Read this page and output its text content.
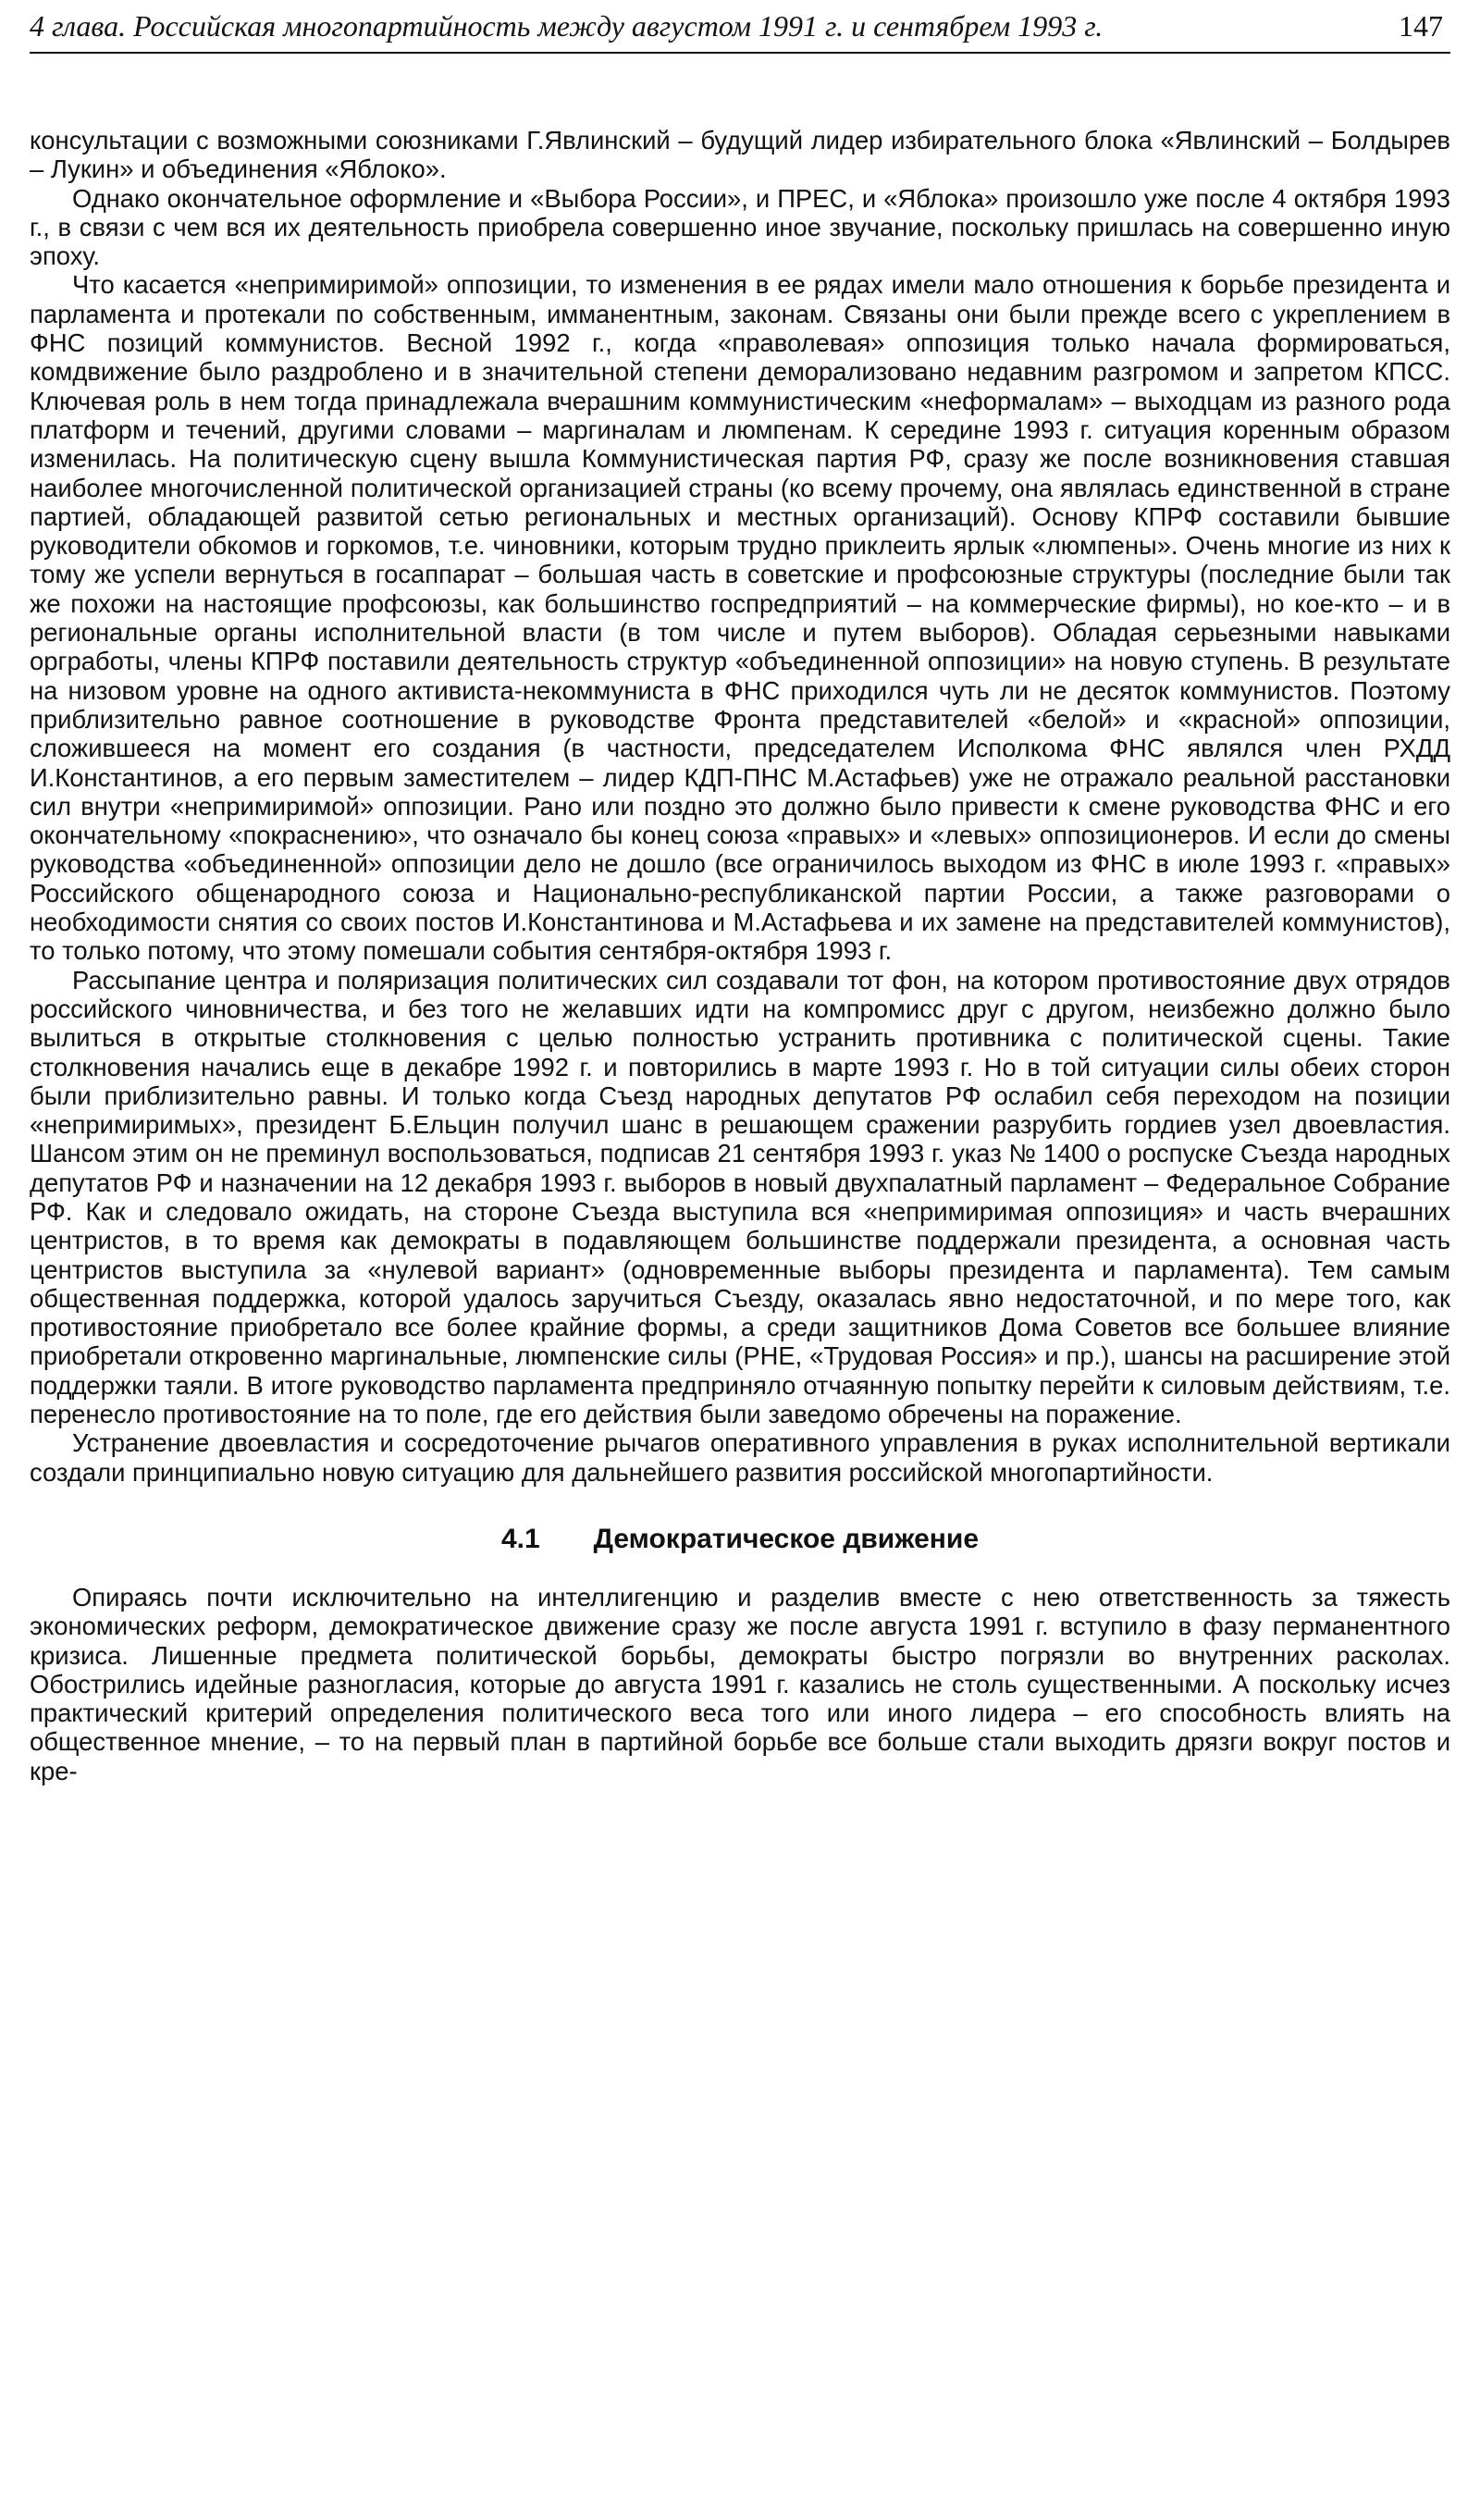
4 глава. Российская многопартийность между августом 1991 г. и сентябрем 1993 г.	147

консультации с возможными союзниками Г.Явлинский – будущий лидер избирательного блока «Явлинский – Болдырев – Лукин» и объединения «Яблоко».

Однако окончательное оформление и «Выбора России», и ПРЕС, и «Яблока» произошло уже после 4 октября 1993 г., в связи с чем вся их деятельность приобрела совершенно иное звучание, поскольку пришлась на совершенно иную эпоху.

Что касается «непримиримой» оппозиции, то изменения в ее рядах имели мало отношения к борьбе президента и парламента и протекали по собственным, имманентным, законам. Связаны они были прежде всего с укреплением в ФНС позиций коммунистов. Весной 1992 г., когда «праволевая» оппозиция только начала формироваться, комдвижение было раздроблено и в значительной степени деморализовано недавним разгромом и запретом КПСС. Ключевая роль в нем тогда принадлежала вчерашним коммунистическим «неформалам» – выходцам из разного рода платформ и течений, другими словами – маргиналам и люмпенам. К середине 1993 г. ситуация коренным образом изменилась. На политическую сцену вышла Коммунистическая партия РФ, сразу же после возникновения ставшая наиболее многочисленной политической организацией страны (ко всему прочему, она являлась единственной в стране партией, обладающей развитой сетью региональных и местных организаций). Основу КПРФ составили бывшие руководители обкомов и горкомов, т.е. чиновники, которым трудно приклеить ярлык «люмпены». Очень многие из них к тому же успели вернуться в госаппарат – большая часть в советские и профсоюзные структуры (последние были так же похожи на настоящие профсоюзы, как большинство госпредприятий – на коммерческие фирмы), но кое-кто – и в региональные органы исполнительной власти (в том числе и путем выборов). Обладая серьезными навыками оргработы, члены КПРФ поставили деятельность структур «объединенной оппозиции» на новую ступень. В результате на низовом уровне на одного активиста-некоммуниста в ФНС приходился чуть ли не десяток коммунистов. Поэтому приблизительно равное соотношение в руководстве Фронта представителей «белой» и «красной» оппозиции, сложившееся на момент его создания (в частности, председателем Исполкома ФНС являлся член РХДД И.Константинов, а его первым заместителем – лидер КДП-ПНС М.Астафьев) уже не отражало реальной расстановки сил внутри «непримиримой» оппозиции. Рано или поздно это должно было привести к смене руководства ФНС и его окончательному «покраснению», что означало бы конец союза «правых» и «левых» оппозиционеров. И если до смены руководства «объединенной» оппозиции дело не дошло (все ограничилось выходом из ФНС в июле 1993 г. «правых» Российского общенародного союза и Национально-республиканской партии России, а также разговорами о необходимости снятия со своих постов И.Константинова и М.Астафьева и их замене на представителей коммунистов), то только потому, что этому помешали события сентября-октября 1993 г.

Рассыпание центра и поляризация политических сил создавали тот фон, на котором противостояние двух отрядов российского чиновничества, и без того не желавших идти на компромисс друг с другом, неизбежно должно было вылиться в открытые столкновения с целью полностью устранить противника с политической сцены. Такие столкновения начались еще в декабре 1992 г. и повторились в марте 1993 г. Но в той ситуации силы обеих сторон были приблизительно равны. И только когда Съезд народных депутатов РФ ослабил себя переходом на позиции «непримиримых», президент Б.Ельцин получил шанс в решающем сражении разрубить гордиев узел двоевластия. Шансом этим он не преминул воспользоваться, подписав 21 сентября 1993 г. указ № 1400 о роспуске Съезда народных депутатов РФ и назначении на 12 декабря 1993 г. выборов в новый двухпалатный парламент – Федеральное Собрание РФ. Как и следовало ожидать, на стороне Съезда выступила вся «непримиримая оппозиция» и часть вчерашних центристов, в то время как демократы в подавляющем большинстве поддержали президента, а основная часть центристов выступила за «нулевой вариант» (одновременные выборы президента и парламента). Тем самым общественная поддержка, которой удалось заручиться Съезду, оказалась явно недостаточной, и по мере того, как противостояние приобретало все более крайние формы, а среди защитников Дома Советов все большее влияние приобретали откровенно маргинальные, люмпенские силы (РНЕ, «Трудовая Россия» и пр.), шансы на расширение этой поддержки таяли. В итоге руководство парламента предприняло отчаянную попытку перейти к силовым действиям, т.е. перенесло противостояние на то поле, где его действия были заведомо обречены на поражение.

Устранение двоевластия и сосредоточение рычагов оперативного управления в руках исполнительной вертикали создали принципиально новую ситуацию для дальнейшего развития российской многопартийности.

4.1 Демократическое движение

Опираясь почти исключительно на интеллигенцию и разделив вместе с нею ответственность за тяжесть экономических реформ, демократическое движение сразу же после августа 1991 г. вступило в фазу перманентного кризиса. Лишенные предмета политической борьбы, демократы быстро погрязли во внутренних расколах. Обострились идейные разногласия, которые до августа 1991 г. казались не столь существенными. А поскольку исчез практический критерий определения политического веса того или иного лидера – его способность влиять на общественное мнение, – то на первый план в партийной борьбе все больше стали выходить дрязги вокруг постов и кре-
